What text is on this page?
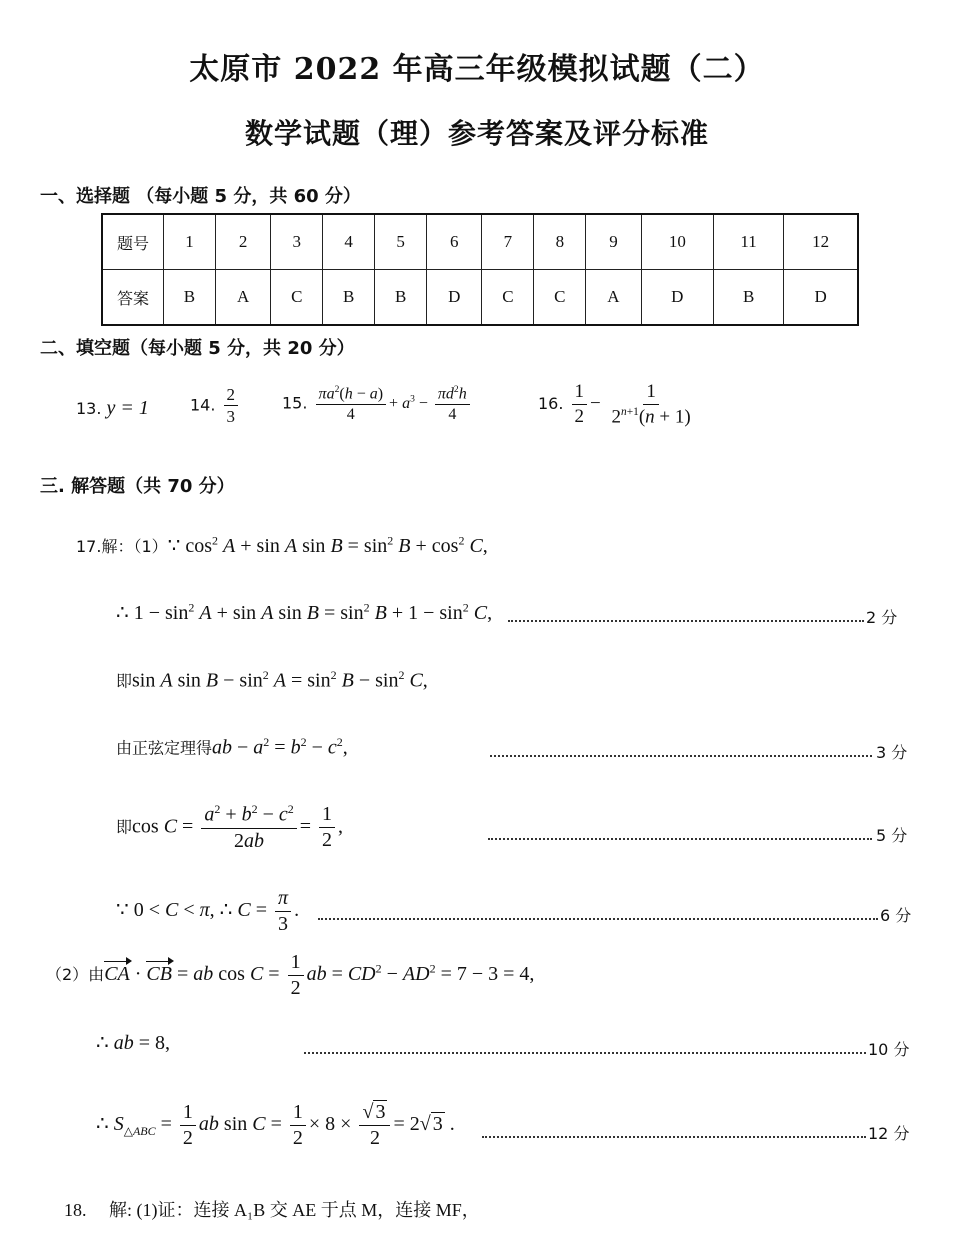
太原市 2022 年高三年级模拟试题（二）
数学试题（理）参考答案及评分标准
一、选择题 （每小题 5 分，共 60 分）
题号	1	2	3	4	5	6	7	8	9	10	11	12
答案	B	A	C	B	B	D	C	C	A	D	B	D
二、填空题（每小题 5 分，共 20 分）
13. y = 1	14. $\frac{2}{3}$	15. $\frac{\pi a^2(h - a)}{4} + a^3 - \frac{\pi d^2h}{4}$	16. $\frac{1}{2} - \frac{1}{2^{n+1}(n + 1)}$
三. 解答题（共 70 分）
17.解：（1）∵ $\cos^2 A + \sin A$ $\sin B = \sin^2 B + \cos^2 C$,
∴ $1 - \sin^2 A + \sin A$ $\sin B = \sin^2 B + 1 - \sin^2 C$,	2 分
即sin A $\sin B - \sin^2 A = \sin^2 B - \sin^2 C$,
由正弦定理得ab − $a^2 = b^2 - c^2$,	3 分
即$\cos C = \frac{a^2 + b^2 - c^2}{2ab} = \frac{1}{2}$ ,	5 分
∵ 0 < C < π, ∴ $C = \frac{\pi}{3}$ .	6 分
（2）由CA · CB = ab $\cos C = \frac{1}{2}$ ab = $CD^2 - AD^2 = 7 - 3 = 4$,
∴ ab = 8,	10 分
∴ $S_{\triangle ABC} = \frac{1}{2}$ ab $\sin C = \frac{1}{2} \times 8 \times \frac{√ 3}{2} = 2√$ 3 .	12 分
18.　 解: (1)证：连接 A₁B 交 AE 于点 M，连接 MF，
